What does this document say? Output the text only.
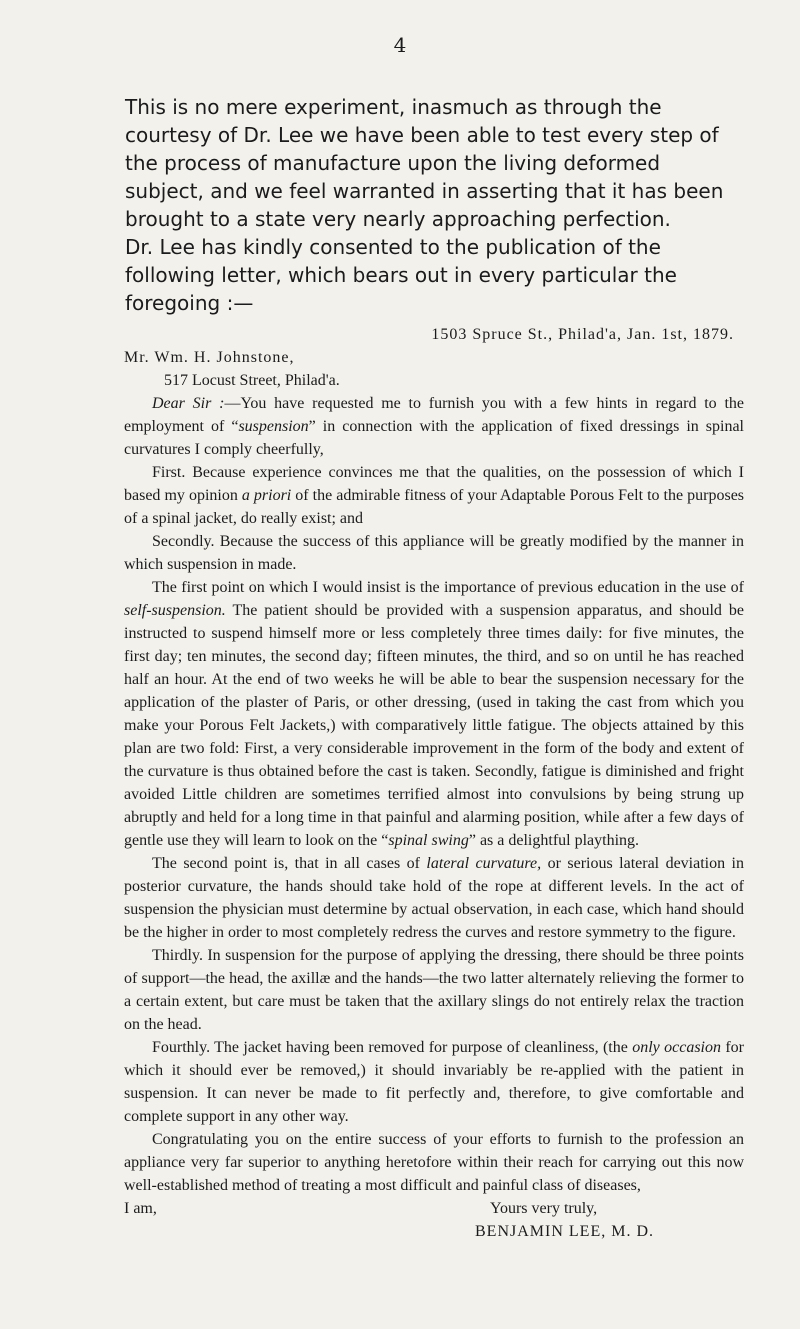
4

This is no mere experiment, inasmuch as through the courtesy of Dr. Lee we have been able to test every step of the process of manufacture upon the living deformed subject, and we feel warranted in asserting that it has been brought to a state very nearly approaching perfection.

Dr. Lee has kindly consented to the publication of the following letter, which bears out in every particular the foregoing :—

1503 Spruce St., Philad'a, Jan. 1st, 1879.
Mr. Wm. H. Johnstone,
517 Locust Street, Philad'a.

Dear Sir :—You have requested me to furnish you with a few hints in regard to the employment of “suspension” in connection with the application of fixed dressings in spinal curvatures I comply cheerfully,

First. Because experience convinces me that the qualities, on the possession of which I based my opinion a priori of the admirable fitness of your Adaptable Porous Felt to the purposes of a spinal jacket, do really exist; and

Secondly. Because the success of this appliance will be greatly modified by the manner in which suspension in made.

The first point on which I would insist is the importance of previous education in the use of self-suspension. The patient should be provided with a suspension apparatus, and should be instructed to suspend himself more or less completely three times daily: for five minutes, the first day; ten minutes, the second day; fifteen minutes, the third, and so on until he has reached half an hour. At the end of two weeks he will be able to bear the suspension necessary for the application of the plaster of Paris, or other dressing, (used in taking the cast from which you make your Porous Felt Jackets,) with comparatively little fatigue. The objects attained by this plan are two fold: First, a very considerable improvement in the form of the body and extent of the curvature is thus obtained before the cast is taken. Secondly, fatigue is diminished and fright avoided Little children are sometimes terrified almost into convulsions by being strung up abruptly and held for a long time in that painful and alarming position, while after a few days of gentle use they will learn to look on the “spinal swing” as a delightful plaything.

The second point is, that in all cases of lateral curvature, or serious lateral deviation in posterior curvature, the hands should take hold of the rope at different levels. In the act of suspension the physician must determine by actual observation, in each case, which hand should be the higher in order to most completely redress the curves and restore symmetry to the figure.

Thirdly. In suspension for the purpose of applying the dressing, there should be three points of support—the head, the axillæ and the hands—the two latter alternately relieving the former to a certain extent, but care must be taken that the axillary slings do not entirely relax the traction on the head.

Fourthly. The jacket having been removed for purpose of cleanliness, (the only occasion for which it should ever be removed,) it should invariably be re-applied with the patient in suspension. It can never be made to fit perfectly and, therefore, to give comfortable and complete support in any other way.

Congratulating you on the entire success of your efforts to furnish to the profession an appliance very far superior to anything heretofore within their reach for carrying out this now well-established method of treating a most difficult and painful class of diseases,

I am,	Yours very truly,
BENJAMIN LEE, M. D.
